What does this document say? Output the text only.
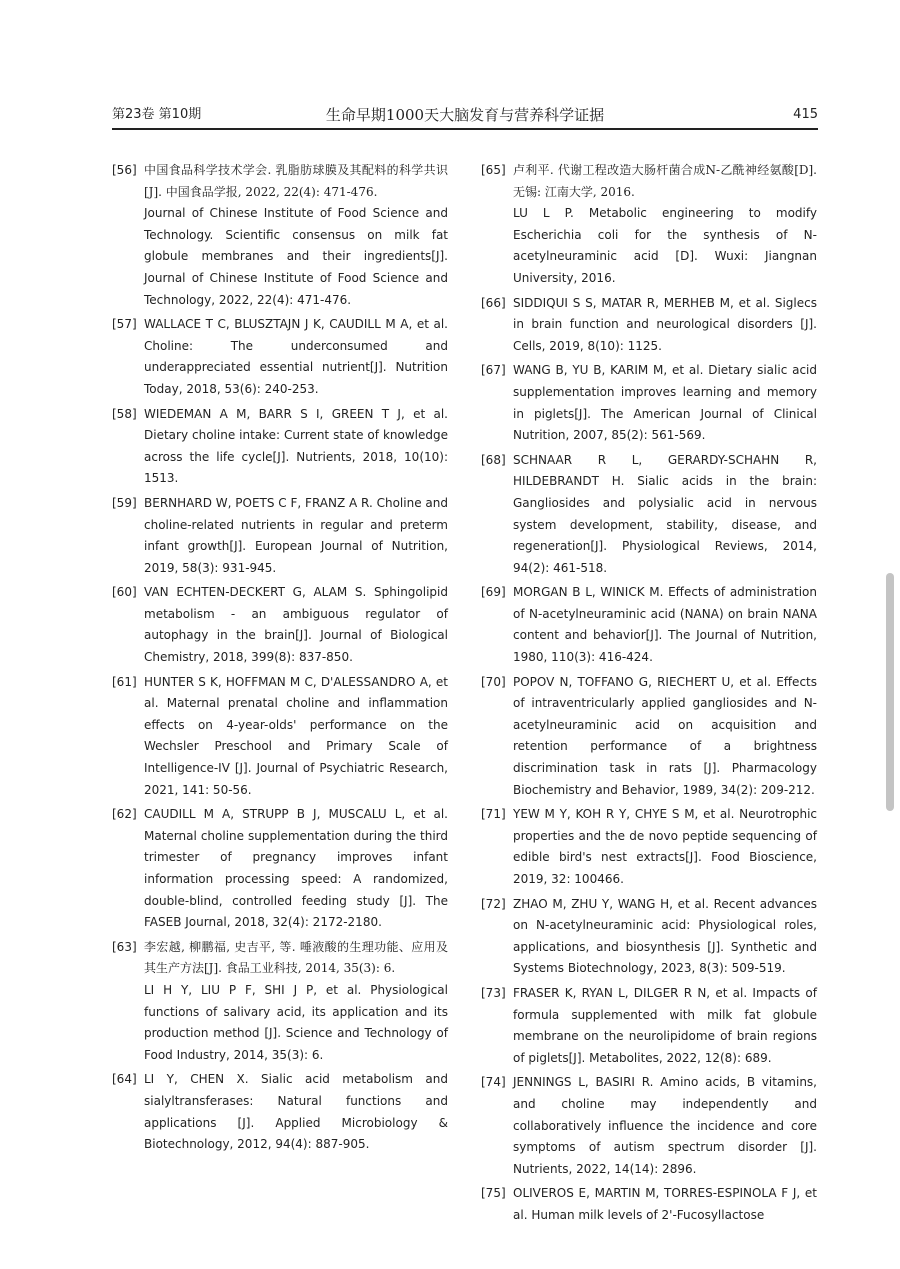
第23卷 第10期	生命早期1000天大脑发育与营养科学证据	415
[56] 中国食品科学技术学会. 乳脂肪球膜及其配料的科学共识[J]. 中国食品学报, 2022, 22(4): 471-476.
Journal of Chinese Institute of Food Science and Technology. Scientific consensus on milk fat globule membranes and their ingredients[J]. Journal of Chinese Institute of Food Science and Technology, 2022, 22(4): 471-476.
[57] WALLACE T C, BLUSZTAJN J K, CAUDILL M A, et al. Choline: The underconsumed and underappreciated essential nutrient[J]. Nutrition Today, 2018, 53(6): 240-253.
[58] WIEDEMAN A M, BARR S I, GREEN T J, et al. Dietary choline intake: Current state of knowledge across the life cycle[J]. Nutrients, 2018, 10(10): 1513.
[59] BERNHARD W, POETS C F, FRANZ A R. Choline and choline-related nutrients in regular and preterm infant growth[J]. European Journal of Nutrition, 2019, 58(3): 931-945.
[60] VAN ECHTEN-DECKERT G, ALAM S. Sphingolipid metabolism - an ambiguous regulator of autophagy in the brain[J]. Journal of Biological Chemistry, 2018, 399(8): 837-850.
[61] HUNTER S K, HOFFMAN M C, D'ALESSANDRO A, et al. Maternal prenatal choline and inflammation effects on 4-year-olds' performance on the Wechsler Preschool and Primary Scale of Intelligence-IV [J]. Journal of Psychiatric Research, 2021, 141: 50-56.
[62] CAUDILL M A, STRUPP B J, MUSCALU L, et al. Maternal choline supplementation during the third trimester of pregnancy improves infant information processing speed: A randomized, double-blind, controlled feeding study [J]. The FASEB Journal, 2018, 32(4): 2172-2180.
[63] 李宏越, 柳鹏福, 史吉平, 等. 唾液酸的生理功能、应用及其生产方法[J]. 食品工业科技, 2014, 35(3): 6.
LI H Y, LIU P F, SHI J P, et al. Physiological functions of salivary acid, its application and its production method [J]. Science and Technology of Food Industry, 2014, 35(3): 6.
[64] LI Y, CHEN X. Sialic acid metabolism and sialyltransferases: Natural functions and applications [J]. Applied Microbiology & Biotechnology, 2012, 94(4): 887-905.
[65] 卢利平. 代谢工程改造大肠杆菌合成N-乙酰神经氨酸[D]. 无锡: 江南大学, 2016.
LU L P. Metabolic engineering to modify Escherichia coli for the synthesis of N-acetylneuraminic acid [D]. Wuxi: Jiangnan University, 2016.
[66] SIDDIQUI S S, MATAR R, MERHEB M, et al. Siglecs in brain function and neurological disorders [J]. Cells, 2019, 8(10): 1125.
[67] WANG B, YU B, KARIM M, et al. Dietary sialic acid supplementation improves learning and memory in piglets[J]. The American Journal of Clinical Nutrition, 2007, 85(2): 561-569.
[68] SCHNAAR R L, GERARDY-SCHAHN R, HILDEBRANDT H. Sialic acids in the brain: Gangliosides and polysialic acid in nervous system development, stability, disease, and regeneration[J]. Physiological Reviews, 2014, 94(2): 461-518.
[69] MORGAN B L, WINICK M. Effects of administration of N-acetylneuraminic acid (NANA) on brain NANA content and behavior[J]. The Journal of Nutrition, 1980, 110(3): 416-424.
[70] POPOV N, TOFFANO G, RIECHERT U, et al. Effects of intraventricularly applied gangliosides and N-acetylneuraminic acid on acquisition and retention performance of a brightness discrimination task in rats [J]. Pharmacology Biochemistry and Behavior, 1989, 34(2): 209-212.
[71] YEW M Y, KOH R Y, CHYE S M, et al. Neurotrophic properties and the de novo peptide sequencing of edible bird's nest extracts[J]. Food Bioscience, 2019, 32: 100466.
[72] ZHAO M, ZHU Y, WANG H, et al. Recent advances on N-acetylneuraminic acid: Physiological roles, applications, and biosynthesis [J]. Synthetic and Systems Biotechnology, 2023, 8(3): 509-519.
[73] FRASER K, RYAN L, DILGER R N, et al. Impacts of formula supplemented with milk fat globule membrane on the neurolipidome of brain regions of piglets[J]. Metabolites, 2022, 12(8): 689.
[74] JENNINGS L, BASIRI R. Amino acids, B vitamins, and choline may independently and collaboratively influence the incidence and core symptoms of autism spectrum disorder [J]. Nutrients, 2022, 14(14): 2896.
[75] OLIVEROS E, MARTIN M, TORRES-ESPINOLA F J, et al. Human milk levels of 2'-Fucosyllactose
